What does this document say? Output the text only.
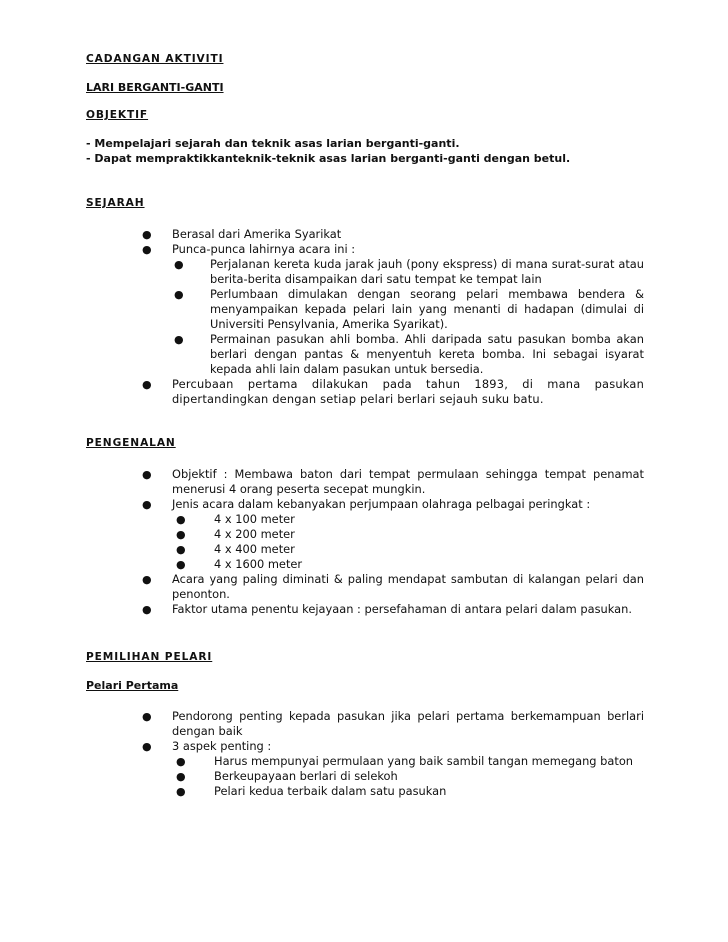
CADANGAN AKTIVITI
LARI BERGANTI-GANTI
OBJEKTIF
- Mempelajari sejarah dan teknik asas larian berganti-ganti.
- Dapat mempraktikkanteknik-teknik asas larian berganti-ganti dengan betul.
SEJARAH
● Berasal dari Amerika Syarikat
● Punca-punca lahirnya acara ini :
● Perjalanan kereta kuda jarak jauh (pony ekspress) di mana surat-surat atau berita-berita disampaikan dari satu tempat ke tempat lain
● Perlumbaan dimulakan dengan seorang pelari membawa bendera & menyampaikan kepada pelari lain yang menanti di hadapan (dimulai di Universiti Pensylvania, Amerika Syarikat).
● Permainan pasukan ahli bomba. Ahli daripada satu pasukan bomba akan berlari dengan pantas & menyentuh kereta bomba. Ini sebagai isyarat kepada ahli lain dalam pasukan untuk bersedia.
● Percubaan pertama dilakukan pada tahun 1893, di mana pasukan dipertandingkan dengan setiap pelari berlari sejauh suku batu.
PENGENALAN
● Objektif : Membawa baton dari tempat permulaan sehingga tempat penamat menerusi 4 orang peserta secepat mungkin.
● Jenis acara dalam kebanyakan perjumpaan olahraga pelbagai peringkat :
● 4 x 100 meter
● 4 x 200 meter
● 4 x 400 meter
● 4 x 1600 meter
● Acara yang paling diminati & paling mendapat sambutan di kalangan pelari dan penonton.
● Faktor utama penentu kejayaan : persefahaman di antara pelari dalam pasukan.
PEMILIHAN PELARI
Pelari Pertama
● Pendorong penting kepada pasukan jika pelari pertama berkemampuan berlari dengan baik
● 3 aspek penting :
● Harus mempunyai permulaan yang baik sambil tangan memegang baton
● Berkeupayaan berlari di selekoh
● Pelari kedua terbaik dalam satu pasukan
